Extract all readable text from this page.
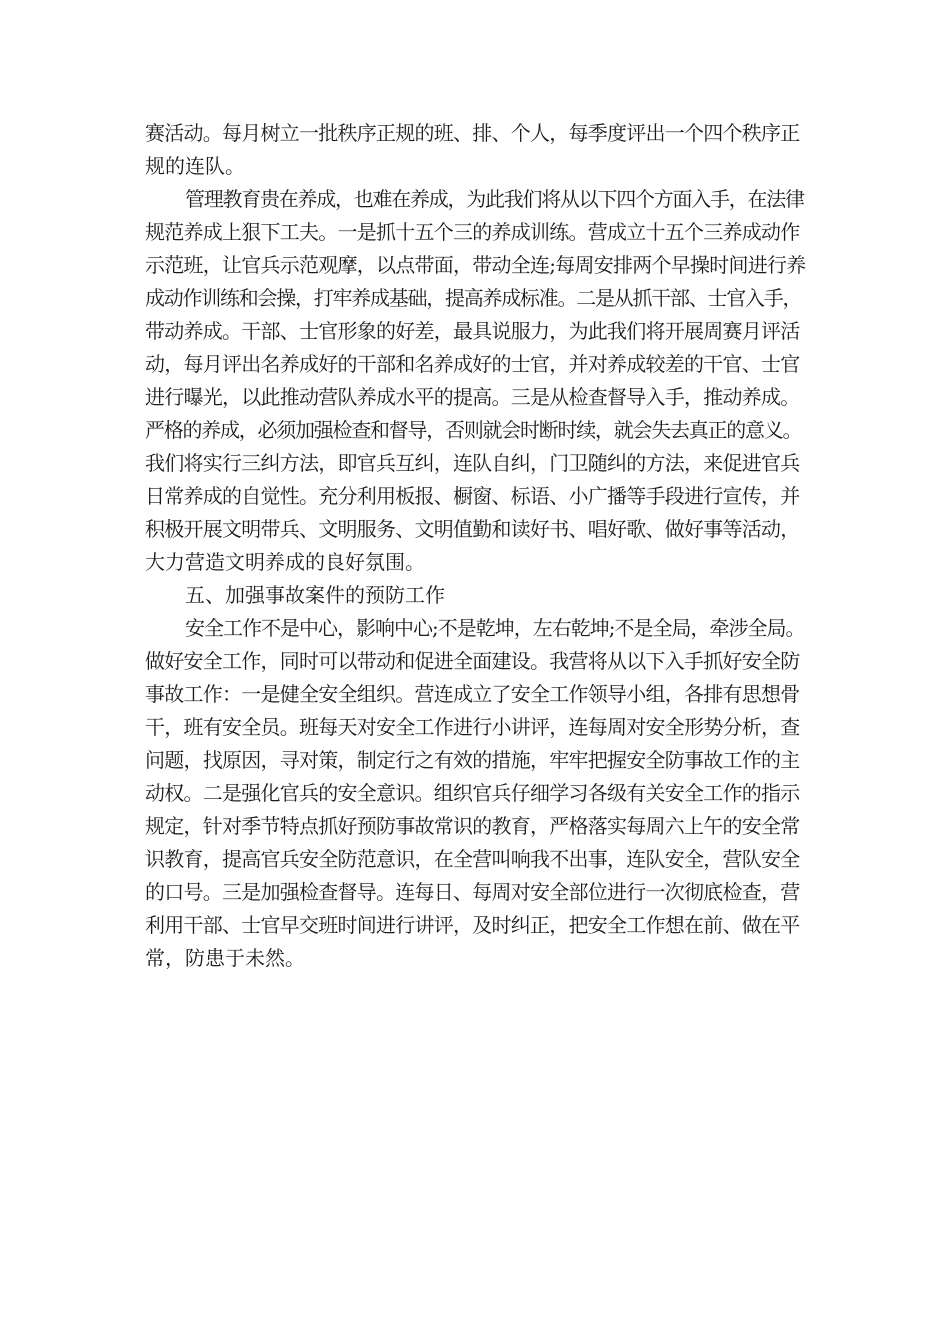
赛活动。每月树立一批秩序正规的班、排、个人，每季度评出一个四个秩序正
规的连队。
管理教育贵在养成，也难在养成，为此我们将从以下四个方面入手，在法律
规范养成上狠下工夫。一是抓十五个三的养成训练。营成立十五个三养成动作
示范班，让官兵示范观摩，以点带面，带动全连;每周安排两个早操时间进行养
成动作训练和会操，打牢养成基础，提高养成标准。二是从抓干部、士官入手，
带动养成。干部、士官形象的好差，最具说服力，为此我们将开展周赛月评活
动，每月评出名养成好的干部和名养成好的士官，并对养成较差的干官、士官
进行曝光，以此推动营队养成水平的提高。三是从检查督导入手，推动养成。
严格的养成，必须加强检查和督导，否则就会时断时续，就会失去真正的意义。
我们将实行三纠方法，即官兵互纠，连队自纠，门卫随纠的方法，来促进官兵
日常养成的自觉性。充分利用板报、橱窗、标语、小广播等手段进行宣传，并
积极开展文明带兵、文明服务、文明值勤和读好书、唱好歌、做好事等活动，
大力营造文明养成的良好氛围。
五、加强事故案件的预防工作
安全工作不是中心，影响中心;不是乾坤，左右乾坤;不是全局，牵涉全局。
做好安全工作，同时可以带动和促进全面建设。我营将从以下入手抓好安全防
事故工作：一是健全安全组织。营连成立了安全工作领导小组，各排有思想骨
干，班有安全员。班每天对安全工作进行小讲评，连每周对安全形势分析，查
问题，找原因，寻对策，制定行之有效的措施，牢牢把握安全防事故工作的主
动权。二是强化官兵的安全意识。组织官兵仔细学习各级有关安全工作的指示
规定，针对季节特点抓好预防事故常识的教育，严格落实每周六上午的安全常
识教育，提高官兵安全防范意识，在全营叫响我不出事，连队安全，营队安全
的口号。三是加强检查督导。连每日、每周对安全部位进行一次彻底检查，营
利用干部、士官早交班时间进行讲评，及时纠正，把安全工作想在前、做在平
常，防患于未然。
